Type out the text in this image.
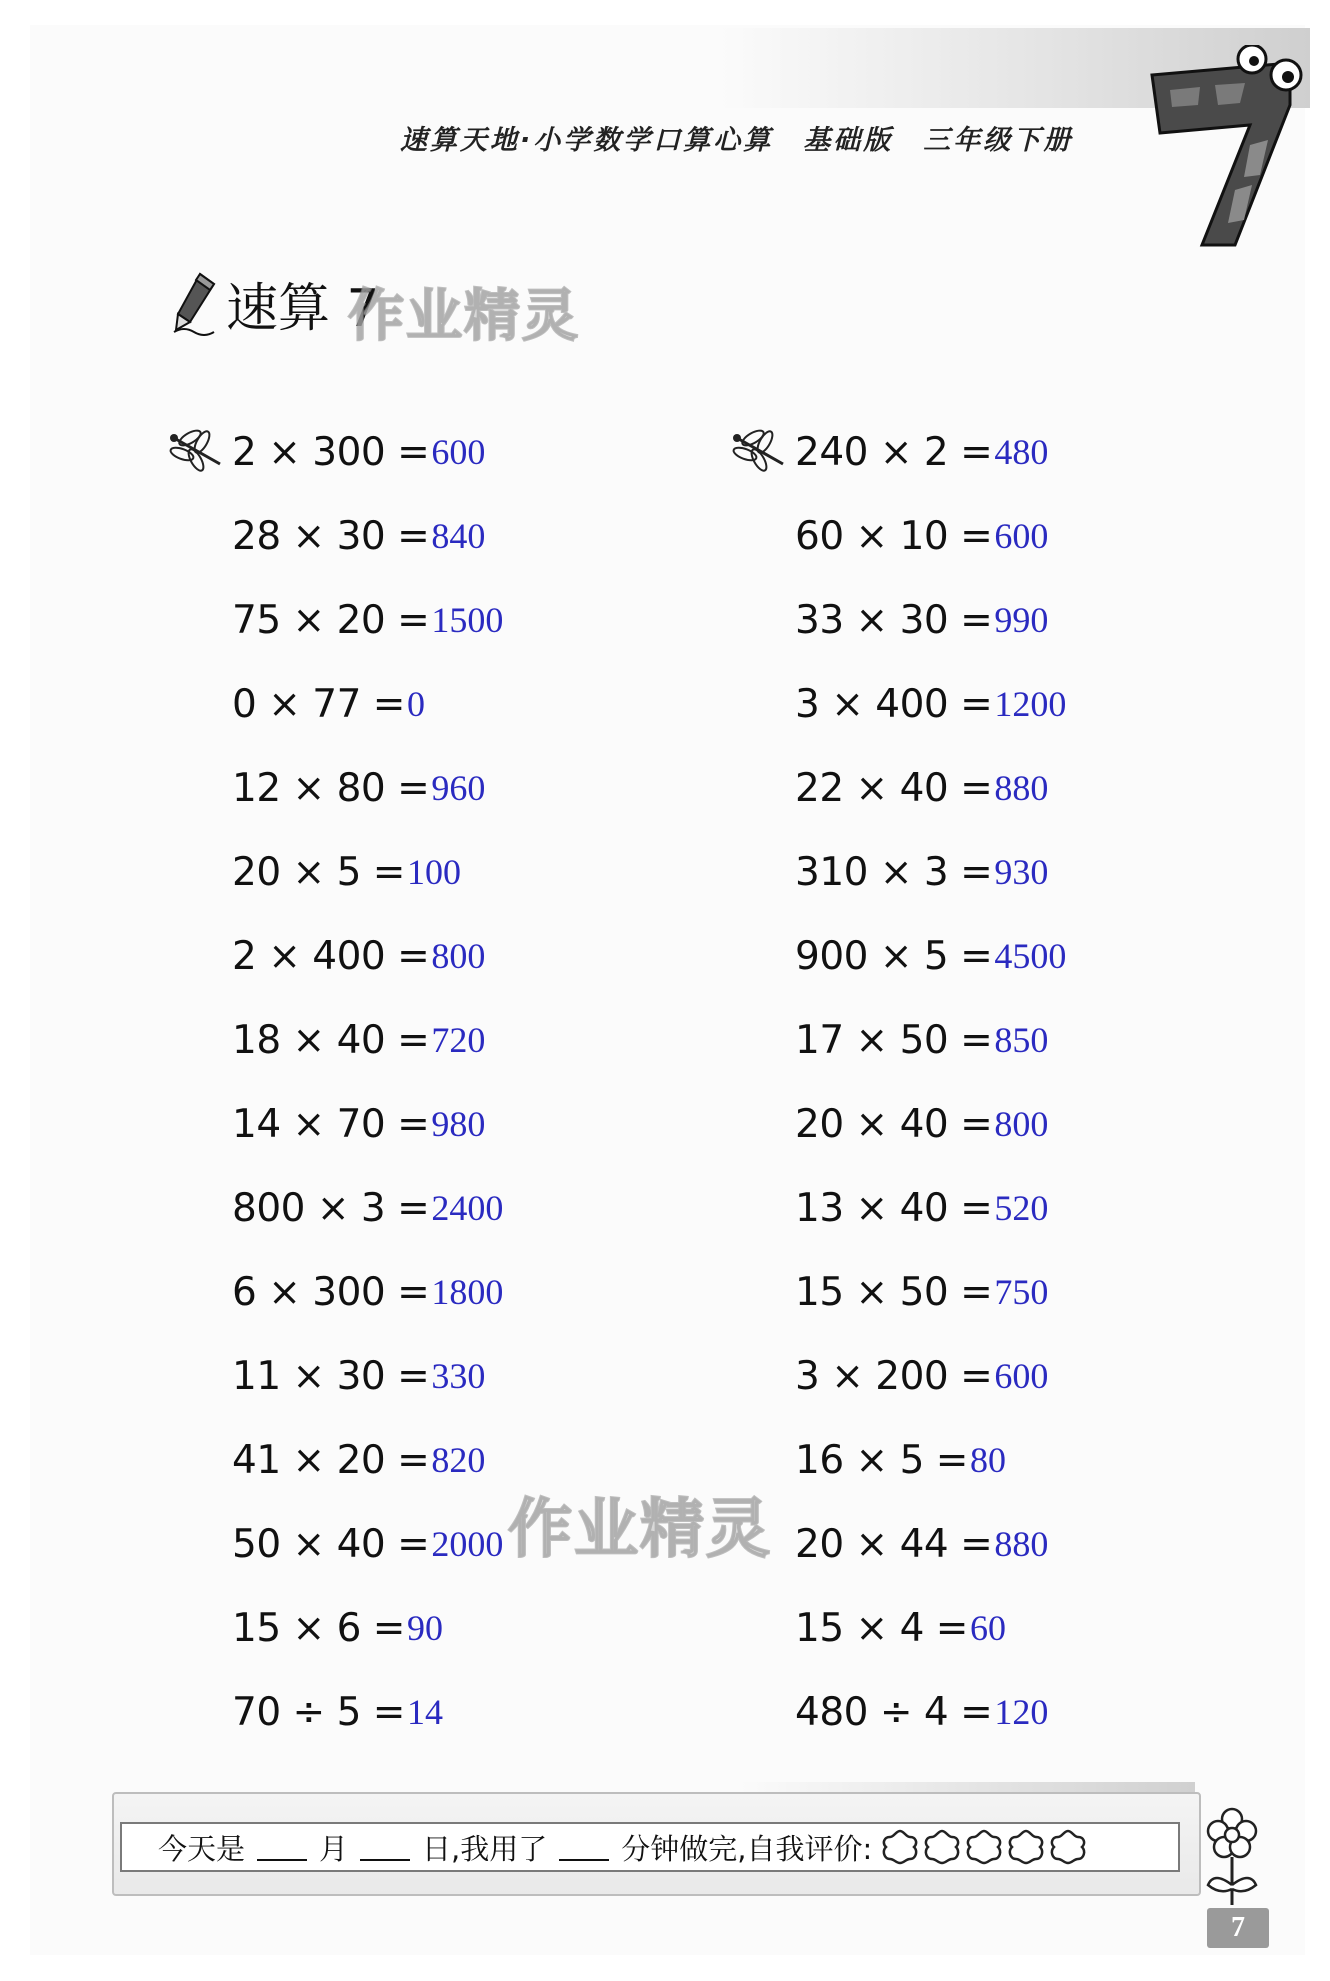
速算天地·小学数学口算心算　基础版　三年级下册
速算 7
作业精灵
作业精灵
2 × 300 = 600
28 × 30 = 840
75 × 20 = 1500
0 × 77 = 0
12 × 80 = 960
20 × 5 = 100
2 × 400 = 800
18 × 40 = 720
14 × 70 = 980
800 × 3 = 2400
6 × 300 = 1800
11 × 30 = 330
41 × 20 = 820
50 × 40 = 2000
15 × 6 = 90
70 ÷ 5 = 14
240 × 2 = 480
60 × 10 = 600
33 × 30 = 990
3 × 400 = 1200
22 × 40 = 880
310 × 3 = 930
900 × 5 = 4500
17 × 50 = 850
20 × 40 = 800
13 × 40 = 520
15 × 50 = 750
3 × 200 = 600
16 × 5 = 80
20 × 44 = 880
15 × 4 = 60
480 ÷ 4 = 120
今天是	月	日,我用了	分钟做完,自我评价:
7
